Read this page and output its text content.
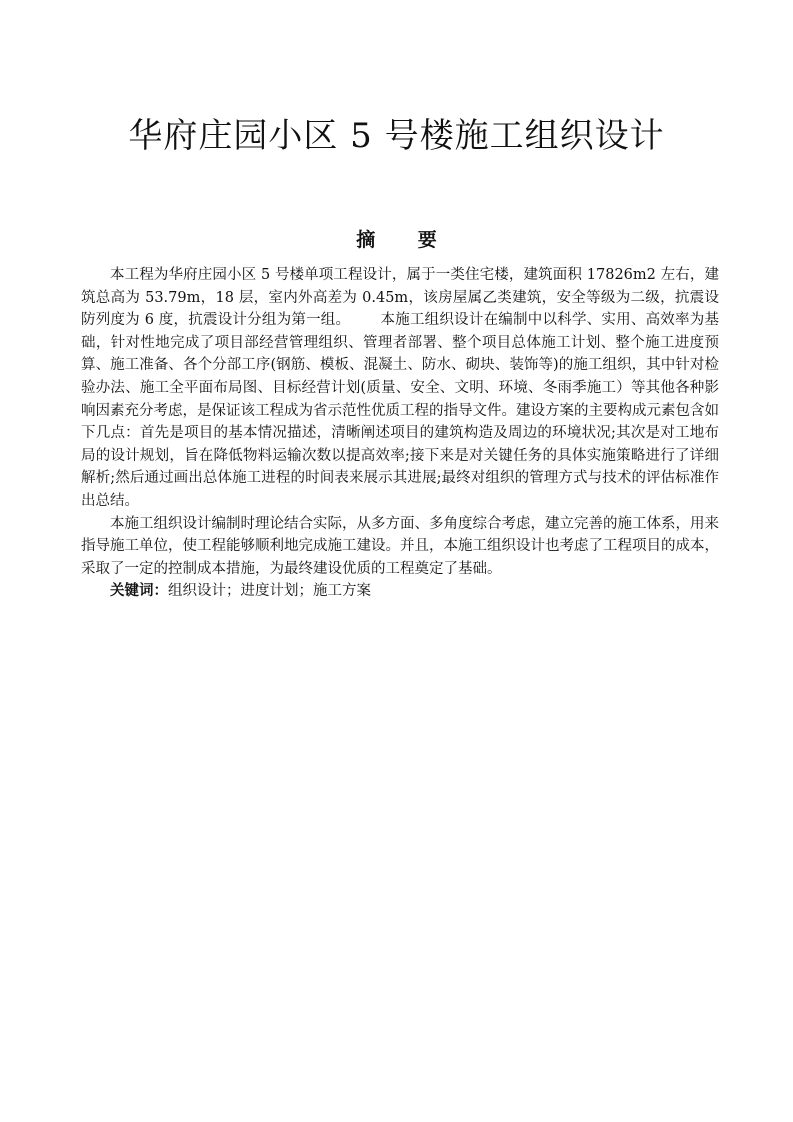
华府庄园小区 5 号楼施工组织设计
摘 要

本工程为华府庄园小区 5 号楼单项工程设计，属于一类住宅楼，建筑面积 17826m2 左右，建筑总高为 53.79m，18 层，室内外高差为 0.45m，该房屋属乙类建筑，安全等级为二级，抗震设防列度为 6 度，抗震设计分组为第一组。 本施工组织设计在编制中以科学、实用、高效率为基础，针对性地完成了项目部经营管理组织、管理者部署、整个项目总体施工计划、整个施工进度预算、施工准备、各个分部工序(钢筋、模板、混凝土、防水、砌块、装饰等)的施工组织，其中针对检验办法、施工全平面布局图、目标经营计划(质量、安全、文明、环境、冬雨季施工）等其他各种影响因素充分考虑，是保证该工程成为省示范性优质工程的指导文件。建设方案的主要构成元素包含如下几点：首先是项目的基本情况描述，清晰阐述项目的建筑构造及周边的环境状况;其次是对工地布局的设计规划，旨在降低物料运输次数以提高效率;接下来是对关键任务的具体实施策略进行了详细解析;然后通过画出总体施工进程的时间表来展示其进展;最终对组织的管理方式与技术的评估标准作出总结。

本施工组织设计编制时理论结合实际，从多方面、多角度综合考虑，建立完善的施工体系，用来指导施工单位，使工程能够顺利地完成施工建设。并且，本施工组织设计也考虑了工程项目的成本，采取了一定的控制成本措施，为最终建设优质的工程奠定了基础。

关键词：组织设计；进度计划；施工方案
